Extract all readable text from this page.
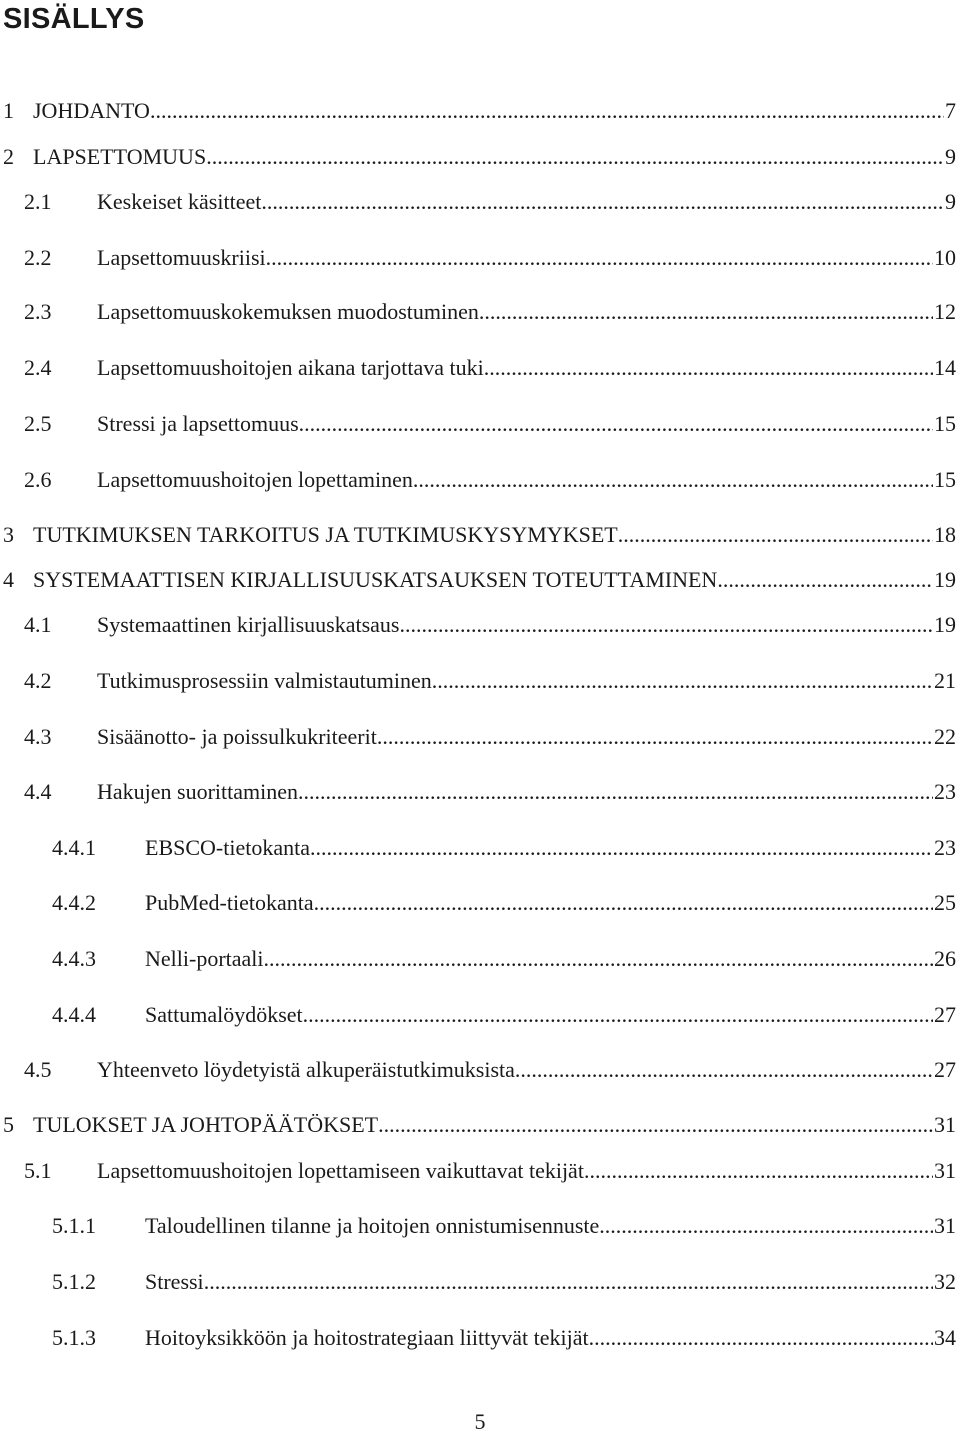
SISÄLLYS
1 JOHDANTO .....	7
2 LAPSETTOMUUS .....	9
2.1 Keskeiset käsitteet .....	9
2.2 Lapsettomuuskriisi .....	10
2.3 Lapsettomuuskokemuksen muodostuminen .....	12
2.4 Lapsettomuushoitojen aikana tarjottava tuki .....	14
2.5 Stressi ja lapsettomuus .....	15
2.6 Lapsettomuushoitojen lopettaminen .....	15
3 TUTKIMUKSEN TARKOITUS JA TUTKIMUSKYSYMYKSET .....	18
4 SYSTEMAATTISEN KIRJALLISUUSKATSAUKSEN TOTEUTTAMINEN .....	19
4.1 Systemaattinen kirjallisuuskatsaus .....	19
4.2 Tutkimusprosessiin valmistautuminen .....	21
4.3 Sisäänotto- ja poissulkukriteerit .....	22
4.4 Hakujen suorittaminen .....	23
4.4.1 EBSCO-tietokanta .....	23
4.4.2 PubMed-tietokanta .....	25
4.4.3 Nelli-portaali .....	26
4.4.4 Sattumalöydökset .....	27
4.5 Yhteenveto löydetyistä alkuperäistutkimuksista .....	27
5 TULOKSET JA JOHTOPÄÄTÖKSET .....	31
5.1 Lapsettomuushoitojen lopettamiseen vaikuttavat tekijät .....	31
5.1.1 Taloudellinen tilanne ja hoitojen onnistumisennuste .....	31
5.1.2 Stressi .....	32
5.1.3 Hoitoyksikköön ja hoitostrategiaan liittyvät tekijät .....	34
5
